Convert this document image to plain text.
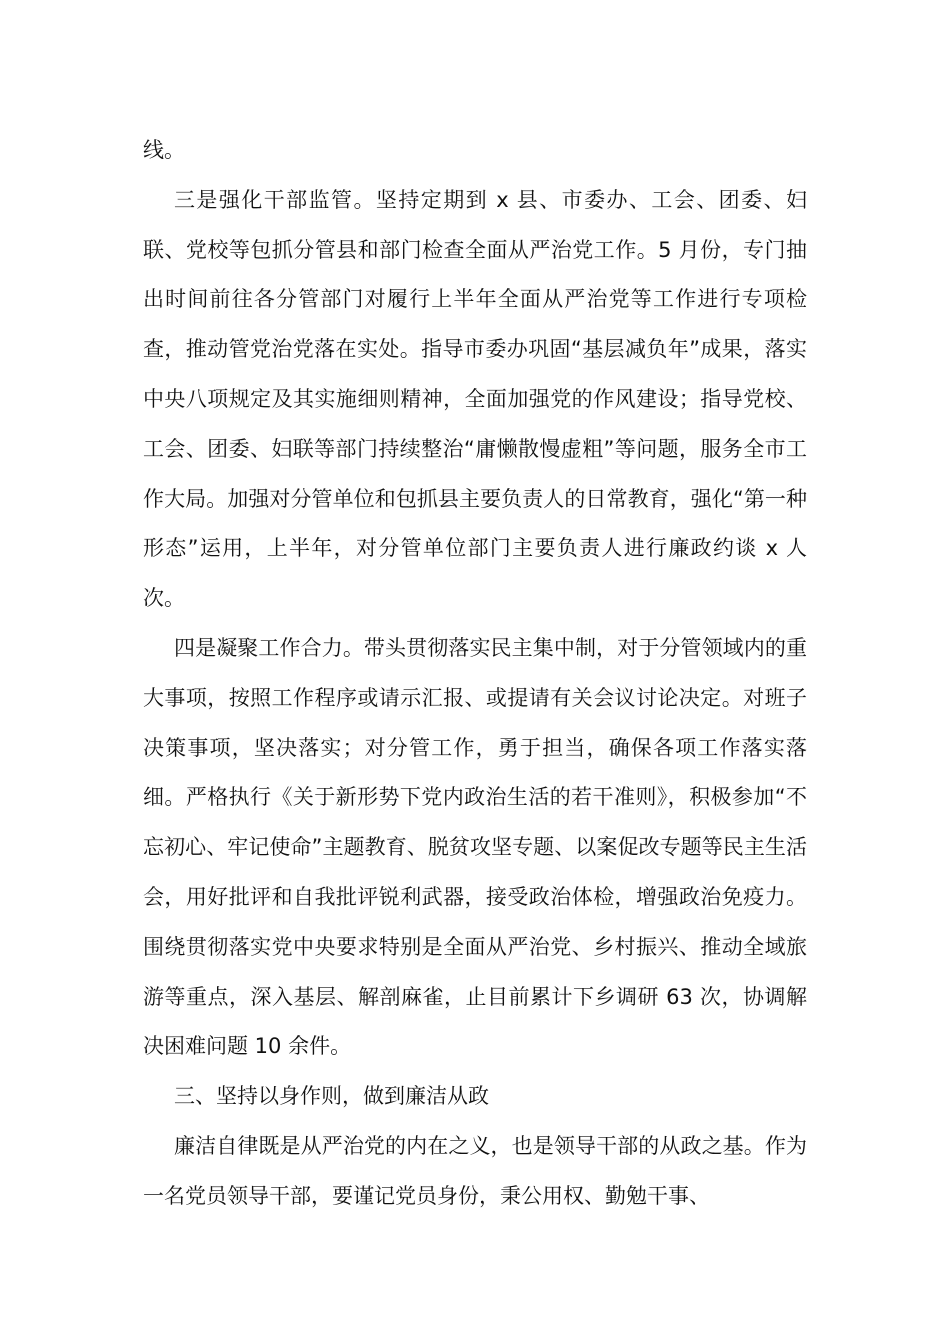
线。

三是强化干部监管。坚持定期到 x 县、市委办、工会、团委、妇联、党校等包抓分管县和部门检查全面从严治党工作。5 月份，专门抽出时间前往各分管部门对履行上半年全面从严治党等工作进行专项检查，推动管党治党落在实处。指导市委办巩固“基层减负年”成果，落实中央八项规定及其实施细则精神，全面加强党的作风建设；指导党校、工会、团委、妇联等部门持续整治“庸懒散慢虚粗”等问题，服务全市工作大局。加强对分管单位和包抓县主要负责人的日常教育，强化“第一种形态”运用，上半年，对分管单位部门主要负责人进行廉政约谈 x 人次。

四是凝聚工作合力。带头贯彻落实民主集中制，对于分管领域内的重大事项，按照工作程序或请示汇报、或提请有关会议讨论决定。对班子决策事项，坚决落实；对分管工作，勇于担当，确保各项工作落实落细。严格执行《关于新形势下党内政治生活的若干准则》，积极参加“不忘初心、牢记使命”主题教育、脱贫攻坚专题、以案促改专题等民主生活会，用好批评和自我批评锐利武器，接受政治体检，增强政治免疫力。围绕贯彻落实党中央要求特别是全面从严治党、乡村振兴、推动全域旅游等重点，深入基层、解剖麻雀，止目前累计下乡调研 63 次，协调解决困难问题 10 余件。

三、坚持以身作则，做到廉洁从政

廉洁自律既是从严治党的内在之义，也是领导干部的从政之基。作为一名党员领导干部，要谨记党员身份，秉公用权、勤勉干事、
